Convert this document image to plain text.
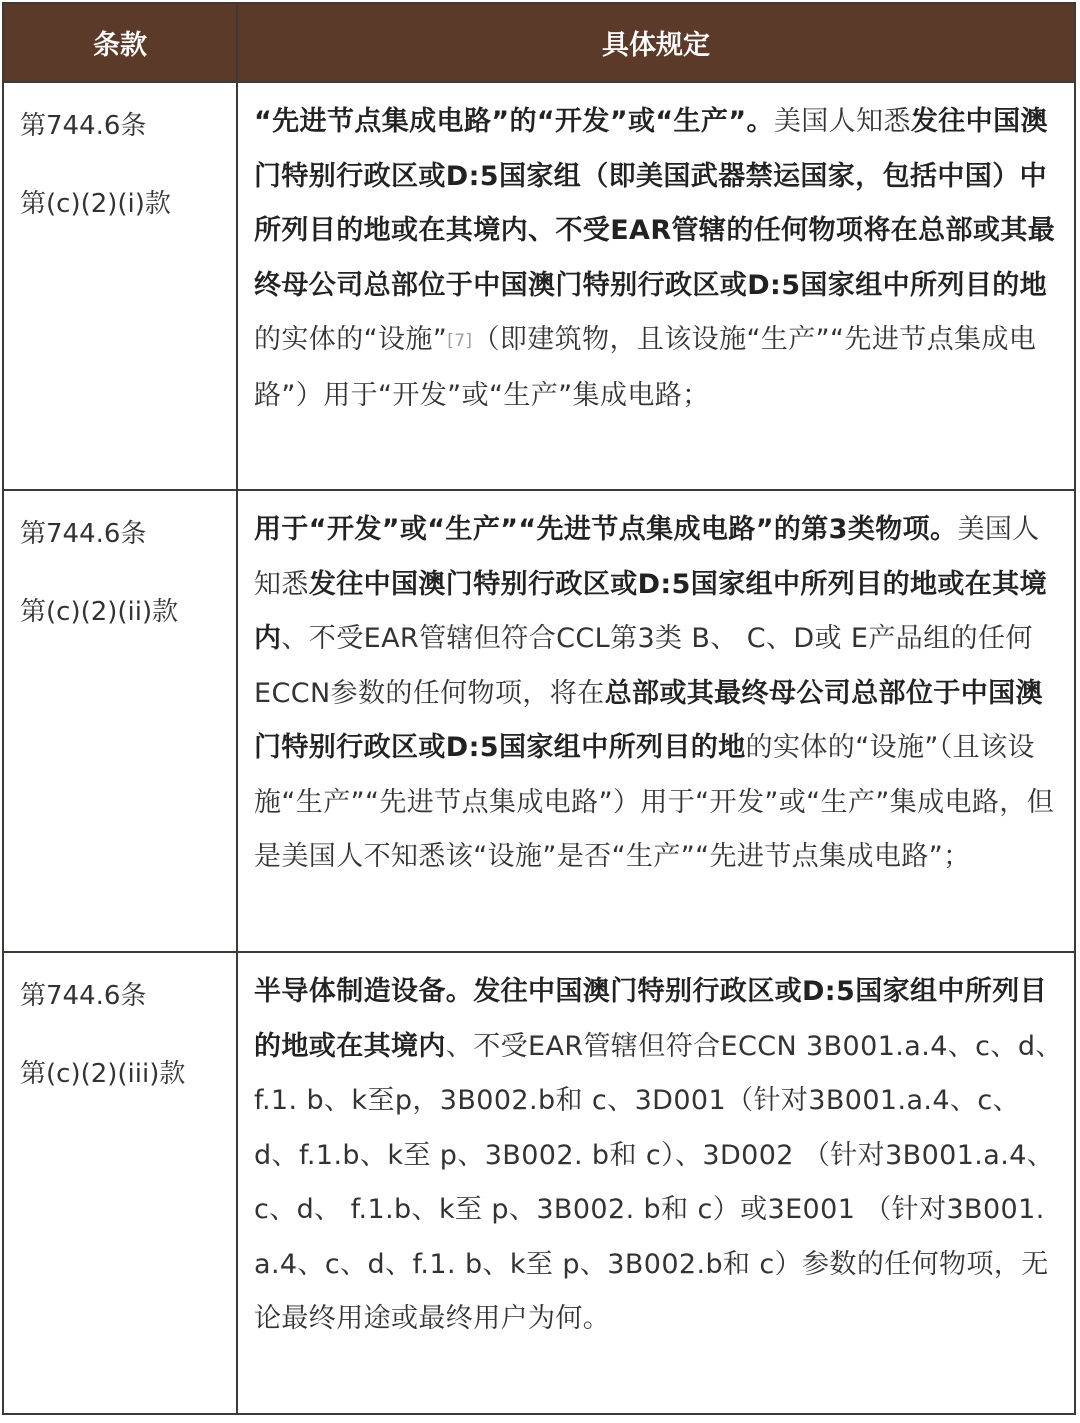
条款	具体规定

第744.6条
第(c)(2)(i)款	“先进节点集成电路”的“开发”或“生产”。美国人知悉发往中国澳门特别行政区或D:5国家组（即美国武器禁运国家，包括中国）中所列目的地或在其境内、不受EAR管辖的任何物项将在总部或其最终母公司总部位于中国澳门特别行政区或D:5国家组中所列目的地的实体的“设施”[7]（即建筑物，且该设施“生产”“先进节点集成电路”）用于“开发”或“生产”集成电路；

第744.6条
第(c)(2)(ii)款	用于“开发”或“生产”“先进节点集成电路”的第3类物项。美国人知悉发往中国澳门特别行政区或D:5国家组中所列目的地或在其境内、不受EAR管辖但符合CCL第3类 B、 C、D或 E产品组的任何 ECCN参数的任何物项，将在总部或其最终母公司总部位于中国澳门特别行政区或D:5国家组中所列目的地的实体的“设施”（且该设施“生产”“先进节点集成电路”）用于“开发”或“生产”集成电路，但是美国人不知悉该“设施”是否“生产”“先进节点集成电路”；

第744.6条
第(c)(2)(iii)款	半导体制造设备。发往中国澳门特别行政区或D:5国家组中所列目的地或在其境内、不受EAR管辖但符合ECCN 3B001.a.4、c、d、f.1. b、k至p，3B002.b和 c、3D001（针对3B001.a.4、c、d、f.1.b、k至 p、3B002. b和 c）、3D002 （针对3B001.a.4、c、d、 f.1.b、k至 p、3B002. b和 c）或3E001 （针对3B001. a.4、c、d、f.1. b、k至 p、3B002.b和 c）参数的任何物项，无论最终用途或最终用户为何。
